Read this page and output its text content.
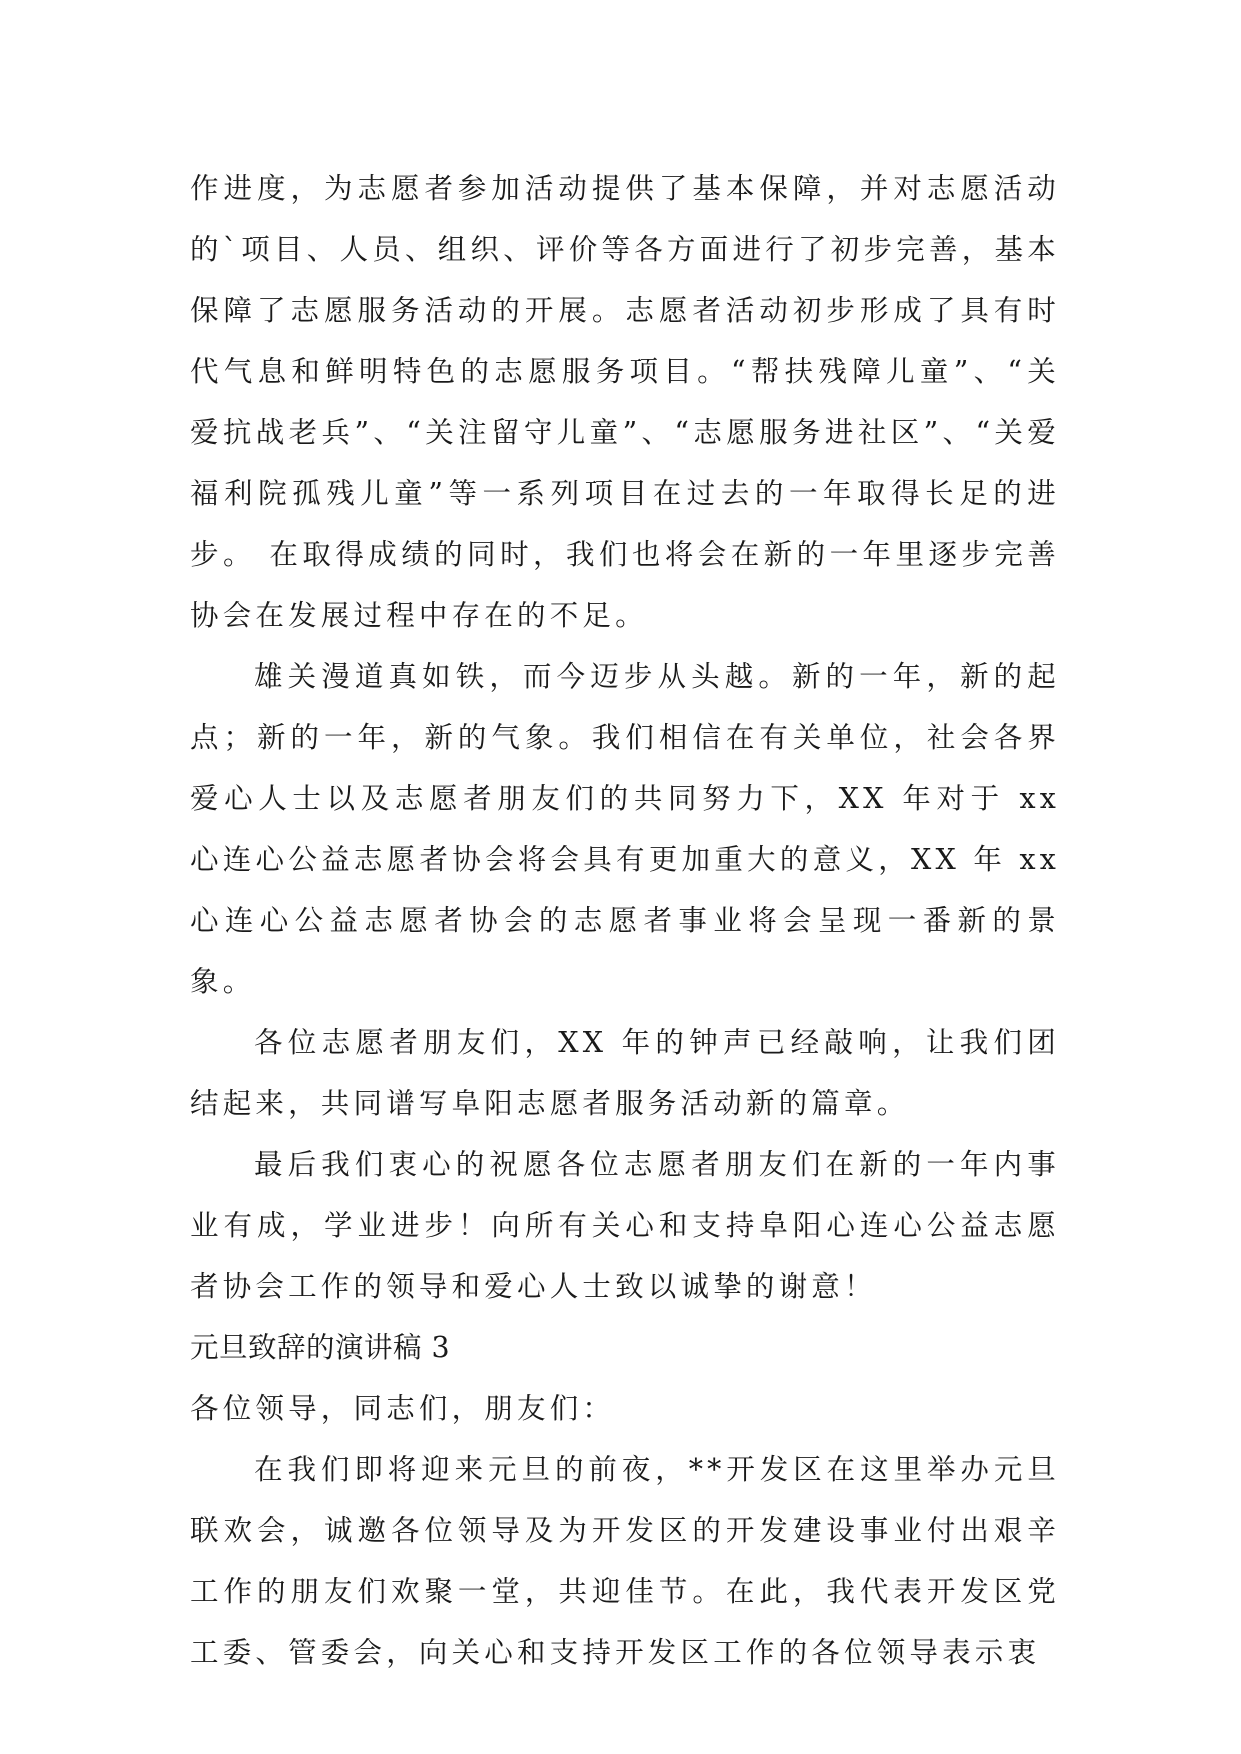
作进度，为志愿者参加活动提供了基本保障，并对志愿活动的`项目、人员、组织、评价等各方面进行了初步完善，基本保障了志愿服务活动的开展。志愿者活动初步形成了具有时代气息和鲜明特色的志愿服务项目。“帮扶残障儿童”、“关爱抗战老兵”、“关注留守儿童”、“志愿服务进社区”、“关爱福利院孤残儿童”等一系列项目在过去的一年取得长足的进步。 在取得成绩的同时，我们也将会在新的一年里逐步完善协会在发展过程中存在的不足。

雄关漫道真如铁，而今迈步从头越。新的一年，新的起点；新的一年，新的气象。我们相信在有关单位，社会各界爱心人士以及志愿者朋友们的共同努力下，XX 年对于 xx 心连心公益志愿者协会将会具有更加重大的意义，XX 年 xx 心连心公益志愿者协会的志愿者事业将会呈现一番新的景象。

各位志愿者朋友们，XX 年的钟声已经敲响，让我们团结起来，共同谱写阜阳志愿者服务活动新的篇章。

最后我们衷心的祝愿各位志愿者朋友们在新的一年内事业有成，学业进步！向所有关心和支持阜阳心连心公益志愿者协会工作的领导和爱心人士致以诚挚的谢意！

元旦致辞的演讲稿 3

各位领导，同志们，朋友们：

在我们即将迎来元旦的前夜，**开发区在这里举办元旦联欢会，诚邀各位领导及为开发区的开发建设事业付出艰辛工作的朋友们欢聚一堂，共迎佳节。在此，我代表开发区党工委、管委会，向关心和支持开发区工作的各位领导表示衷
